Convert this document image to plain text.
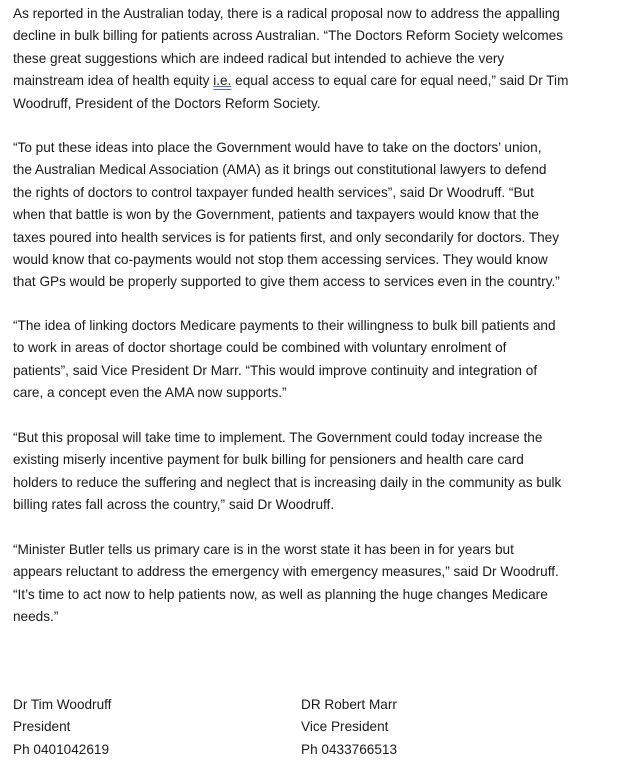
As reported in the Australian today, there is a radical proposal now to address the appalling
decline in bulk billing for patients across Australian. “The Doctors Reform Society welcomes
these great suggestions which are indeed radical but intended to achieve the very
mainstream idea of health equity i.e. equal access to equal care for equal need,” said Dr Tim
Woodruff, President of the Doctors Reform Society.

“To put these ideas into place the Government would have to take on the doctors’ union,
the Australian Medical Association (AMA) as it brings out constitutional lawyers to defend
the rights of doctors to control taxpayer funded health services”, said Dr Woodruff. “But
when that battle is won by the Government, patients and taxpayers would know that the
taxes poured into health services is for patients first, and only secondarily for doctors. They
would know that co-payments would not stop them accessing services. They would know
that GPs would be properly supported to give them access to services even in the country.”

“The idea of linking doctors Medicare payments to their willingness to bulk bill patients and
to work in areas of doctor shortage could be combined with voluntary enrolment of
patients”, said Vice President Dr Marr. “This would improve continuity and integration of
care, a concept even the AMA now supports.”

“But this proposal will take time to implement. The Government could today increase the
existing miserly incentive payment for bulk billing for pensioners and health care card
holders to reduce the suffering and neglect that is increasing daily in the community as bulk
billing rates fall across the country,” said Dr Woodruff.

“Minister Butler tells us primary care is in the worst state it has been in for years but
appears reluctant to address the emergency with emergency measures,” said Dr Woodruff.
“It’s time to act now to help patients now, as well as planning the huge changes Medicare
needs.”

Dr Tim Woodruff
President
Ph 0401042619
DR Robert Marr
Vice President
Ph 0433766513
